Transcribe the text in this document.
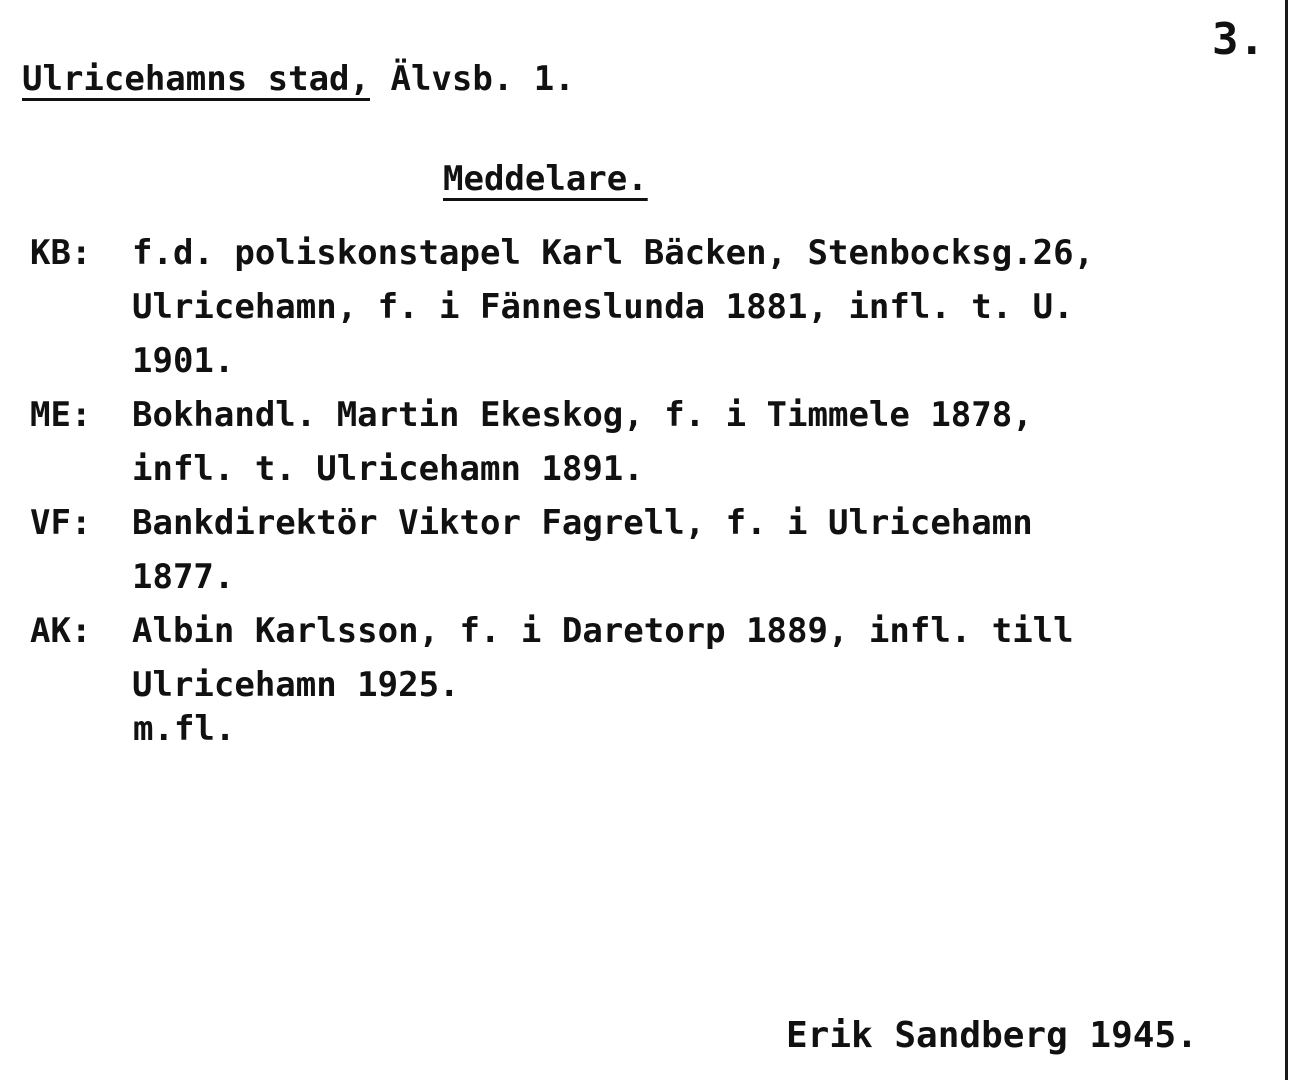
3.
Ulricehamns stad, Älvsb. 1.
Meddelare.
KB:	f.d. poliskonstapel Karl Bäcken, Stenbocksg.26,
Ulricehamn, f. i Fänneslunda 1881, infl. t. U.
1901.
ME:	Bokhandl. Martin Ekeskog, f. i Timmele 1878,
infl. t. Ulricehamn 1891.
VF:	Bankdirektör Viktor Fagrell, f. i Ulricehamn
1877.
AK:	Albin Karlsson, f. i Daretorp 1889, infl. till
Ulricehamn 1925.
m.fl.
Erik Sandberg 1945.
